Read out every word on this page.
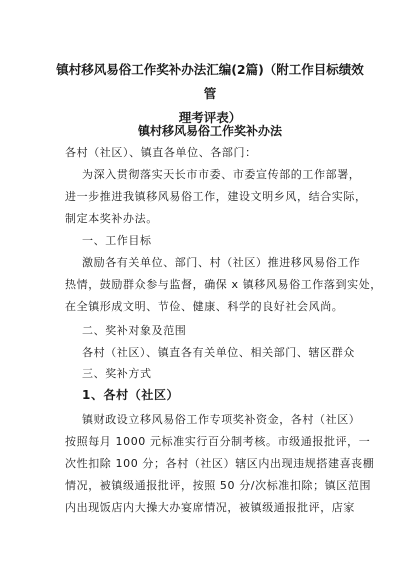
镇村移风易俗工作奖补办法汇编(2篇)（附工作目标绩效管
理考评表）
镇村移风易俗工作奖补办法
各村（社区）、镇直各单位、各部门：
为深入贯彻落实天长市市委、市委宣传部的工作部署，
进一步推进我镇移风易俗工作，建设文明乡风，结合实际，
制定本奖补办法。
一、工作目标
激励各有关单位、部门、村（社区）推进移风易俗工作
热情，鼓励群众参与监督，确保 x 镇移风易俗工作落到实处，
在全镇形成文明、节俭、健康、科学的良好社会风尚。
二、奖补对象及范围
各村（社区）、镇直各有关单位、相关部门、辖区群众
三、奖补方式
1、各村（社区）
镇财政设立移风易俗工作专项奖补资金，各村（社区）
按照每月 1000 元标准实行百分制考核。市级通报批评，一
次性扣除 100 分；各村（社区）辖区内出现违规搭建喜丧棚
情况，被镇级通报批评，按照 50 分/次标准扣除；镇区范围
内出现饭店内大操大办宴席情况，被镇级通报批评，店家
